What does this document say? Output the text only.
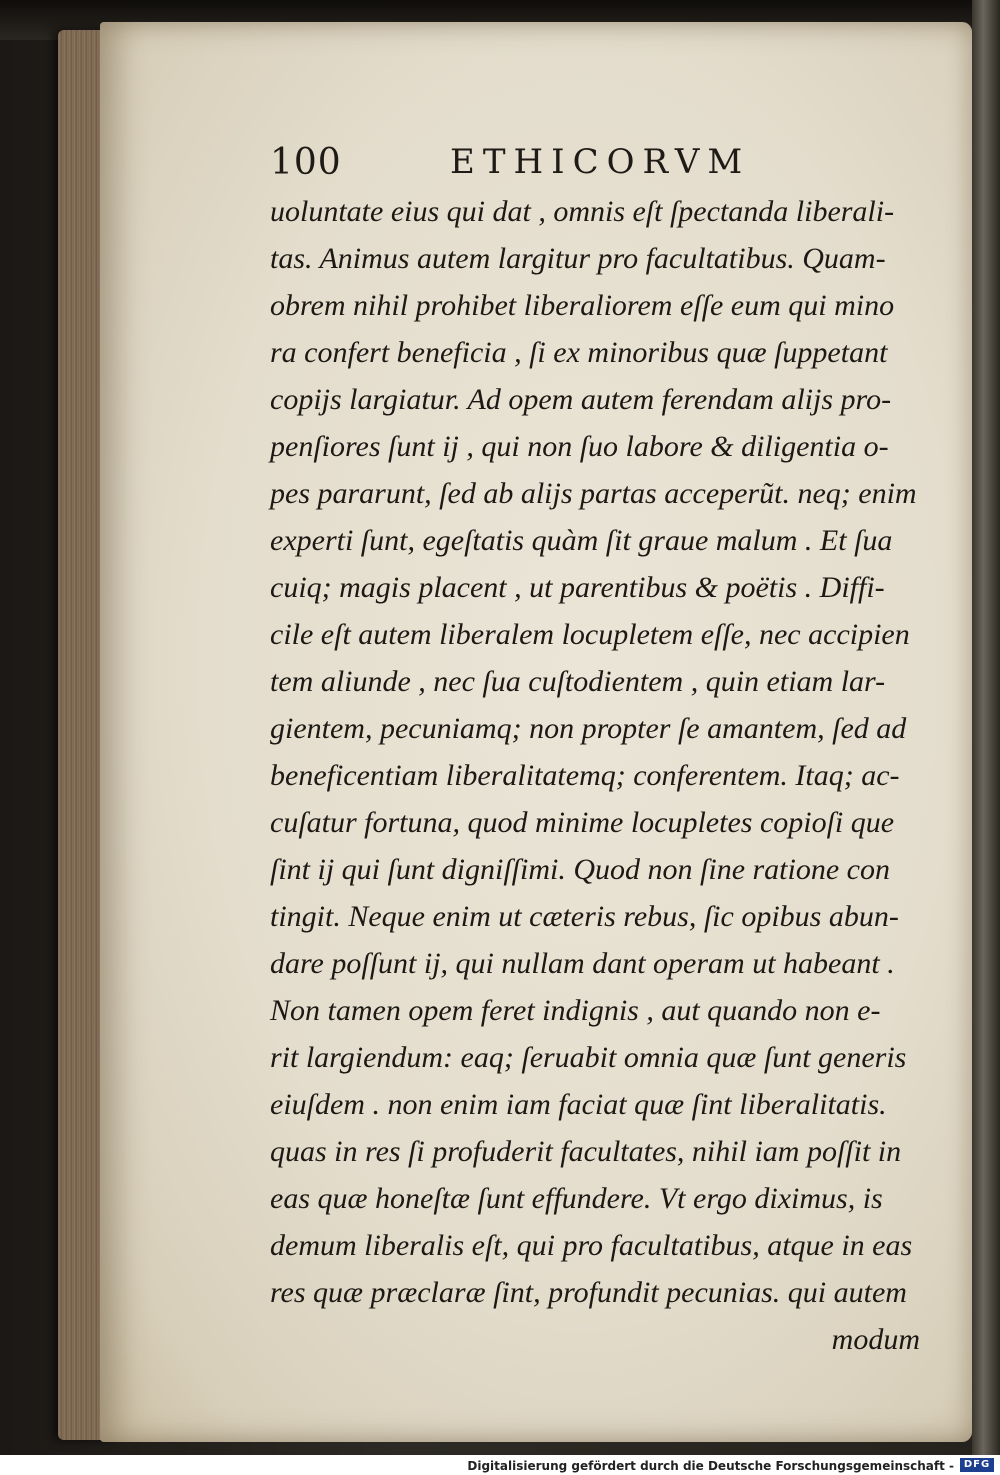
100	ETHICORVM
uoluntate eius qui dat , omnis eſt ſpectanda liberali-
tas. Animus autem largitur pro facultatibus. Quam-
obrem nihil prohibet liberaliorem eſſe eum qui mino
ra confert beneficia , ſi ex minoribus quæ ſuppetant
copijs largiatur. Ad opem autem ferendam alijs pro-
penſiores ſunt ij , qui non ſuo labore & diligentia o-
pes pararunt, ſed ab alijs partas acceperũt. neq; enim
experti ſunt, egeſtatis quàm ſit graue malum . Et ſua
cuiq; magis placent , ut parentibus & poëtis . Diffi-
cile eſt autem liberalem locupletem eſſe, nec accipien
tem aliunde , nec ſua cuſtodientem , quin etiam lar-
gientem, pecuniamq; non propter ſe amantem, ſed ad
beneficentiam liberalitatemq; conferentem. Itaq; ac-
cuſatur fortuna, quod minime locupletes copioſi que
ſint ij qui ſunt digniſſimi. Quod non ſine ratione con
tingit. Neque enim ut cæteris rebus, ſic opibus abun-
dare poſſunt ij, qui nullam dant operam ut habeant .
Non tamen opem feret indignis , aut quando non e-
rit largiendum: eaq; ſeruabit omnia quæ ſunt generis
eiuſdem . non enim iam faciat quæ ſint liberalitatis.
quas in res ſi profuderit facultates, nihil iam poſſit in
eas quæ honeſtæ ſunt effundere. Vt ergo diximus, is
demum liberalis eſt, qui pro facultatibus, atque in eas
res quæ præclaræ ſint, profundit pecunias. qui autem
modum
Digitalisierung gefördert durch die Deutsche Forschungsgemeinschaft - DFG
